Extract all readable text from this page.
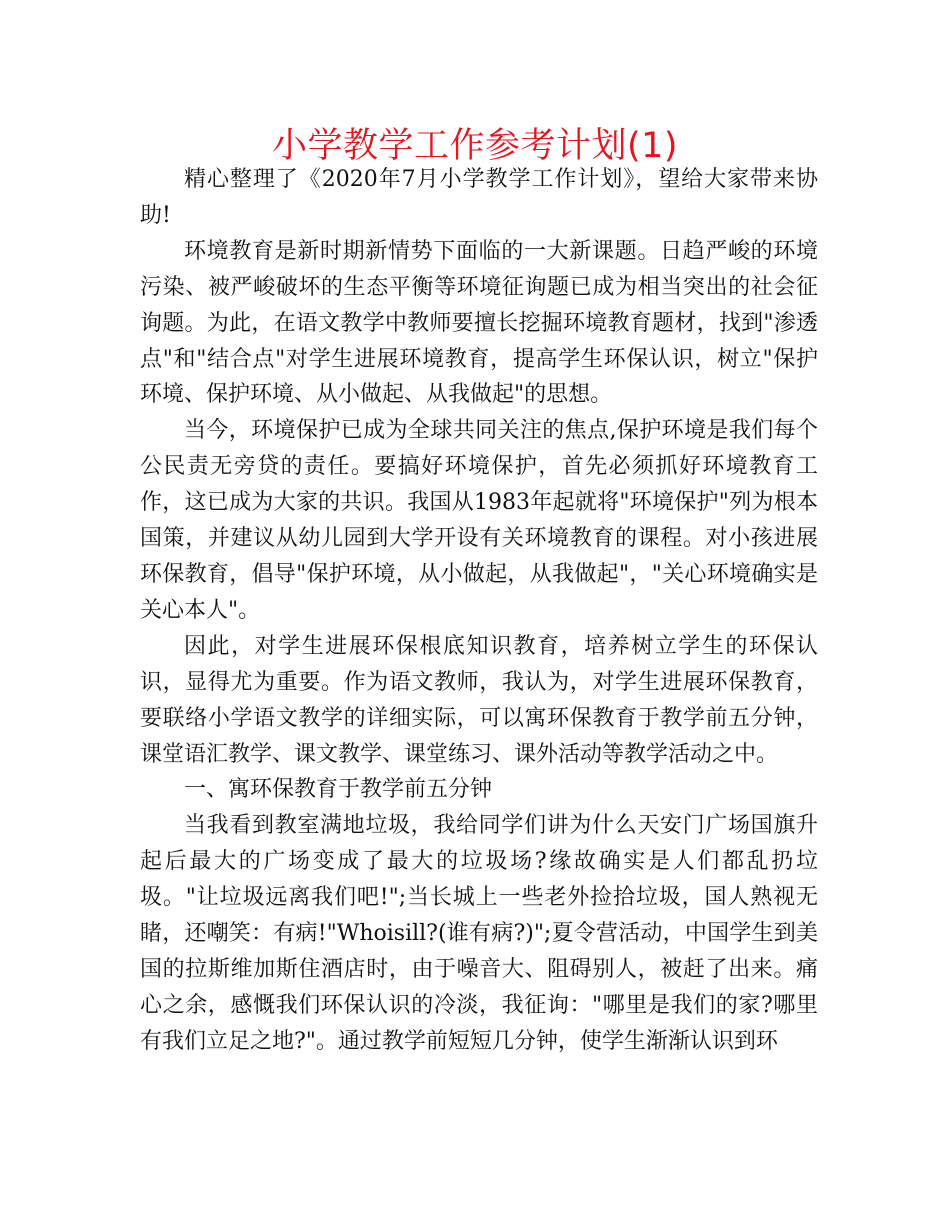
小学教学工作参考计划(1)

精心整理了《2020年7月小学教学工作计划》，望给大家带来协助!

环境教育是新时期新情势下面临的一大新课题。日趋严峻的环境污染、被严峻破坏的生态平衡等环境征询题已成为相当突出的社会征询题。为此，在语文教学中教师要擅长挖掘环境教育题材，找到"渗透点"和"结合点"对学生进展环境教育，提高学生环保认识，树立"保护环境、保护环境、从小做起、从我做起"的思想。

当今，环境保护已成为全球共同关注的焦点,保护环境是我们每个公民责无旁贷的责任。要搞好环境保护，首先必须抓好环境教育工作，这已成为大家的共识。我国从1983年起就将"环境保护"列为根本国策，并建议从幼儿园到大学开设有关环境教育的课程。对小孩进展环保教育，倡导"保护环境，从小做起，从我做起"，"关心环境确实是关心本人"。

因此，对学生进展环保根底知识教育，培养树立学生的环保认识，显得尤为重要。作为语文教师，我认为，对学生进展环保教育，要联络小学语文教学的详细实际，可以寓环保教育于教学前五分钟，课堂语汇教学、课文教学、课堂练习、课外活动等教学活动之中。

一、寓环保教育于教学前五分钟

当我看到教室满地垃圾，我给同学们讲为什么天安门广场国旗升起后最大的广场变成了最大的垃圾场?缘故确实是人们都乱扔垃圾。"让垃圾远离我们吧!";当长城上一些老外捡拾垃圾，国人熟视无睹，还嘲笑：有病!"Whoisill?(谁有病?)";夏令营活动，中国学生到美国的拉斯维加斯住酒店时，由于噪音大、阻碍别人，被赶了出来。痛心之余，感慨我们环保认识的冷淡，我征询："哪里是我们的家?哪里有我们立足之地?"。通过教学前短短几分钟，使学生渐渐认识到环
